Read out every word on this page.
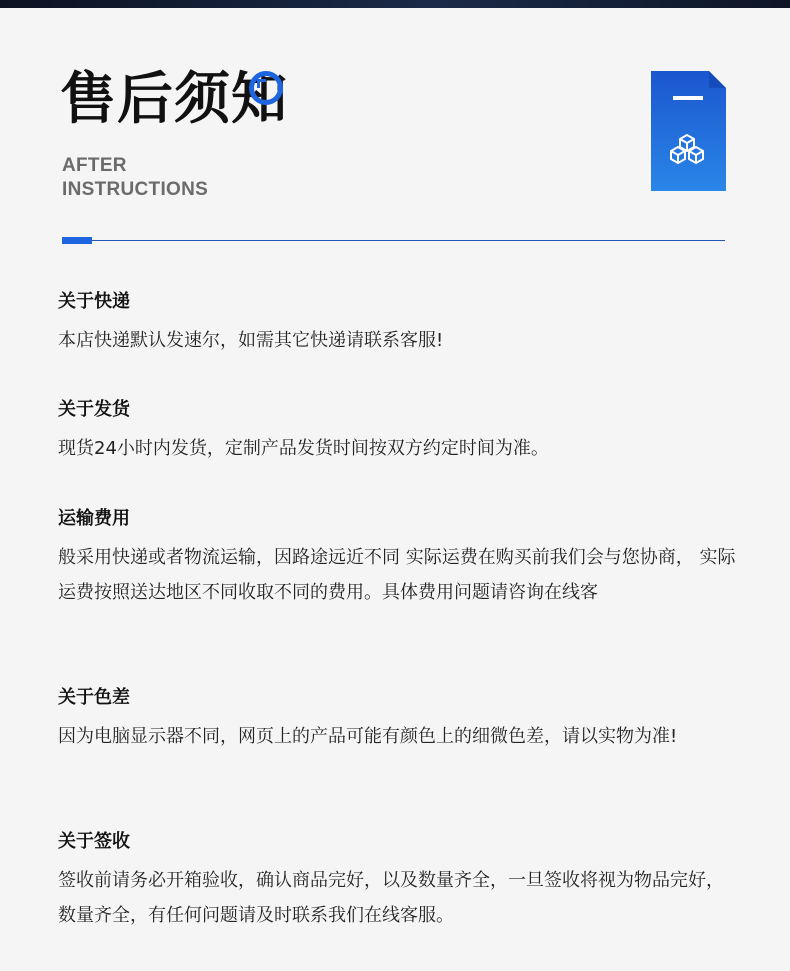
售后须知
AFTER
INSTRUCTIONS
关于快递

本店快递默认发速尔，如需其它快递请联系客服!

关于发货

现货24小时内发货，定制产品发货时间按双方约定时间为准。

运输费用

般采用快递或者物流运输，因路途远近不同 实际运费在购买前我们会与您协商， 实际运费按照送达地区不同收取不同的费用。具体费用问题请咨询在线客

关于色差

因为电脑显示器不同，网页上的产品可能有颜色上的细微色差，请以实物为准!

关于签收

签收前请务必开箱验收，确认商品完好，以及数量齐全，一旦签收将视为物品完好，数量齐全，有任何问题请及时联系我们在线客服。
